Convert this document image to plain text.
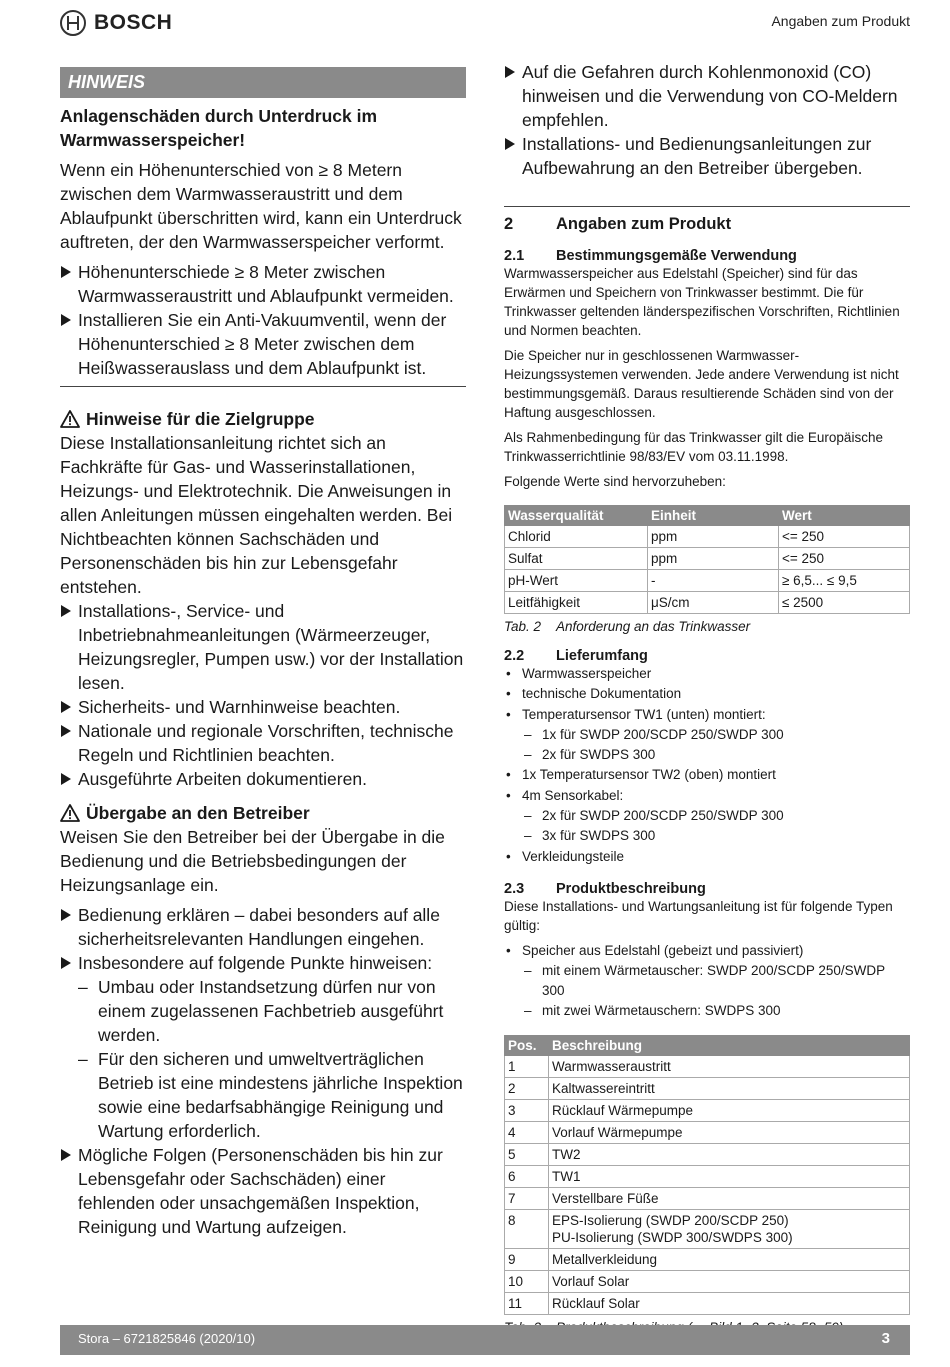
BOSCH	Angaben zum Produkt
HINWEIS
Anlagenschäden durch Unterdruck im Warmwasserspeicher!

Wenn ein Höhenunterschied von ≥ 8 Metern zwischen dem Warmwasseraustritt und dem Ablaufpunkt überschritten wird, kann ein Unterdruck auftreten, der den Warmwasserspeicher verformt.

Höhenunterschiede ≥ 8 Meter zwischen Warmwasseraustritt und Ablaufpunkt vermeiden.
Installieren Sie ein Anti-Vakuumventil, wenn der Höhenunterschied ≥ 8 Meter zwischen dem Heißwasserauslass und dem Ablaufpunkt ist.
Hinweise für die Zielgruppe

Diese Installationsanleitung richtet sich an Fachkräfte für Gas- und Wasserinstallationen, Heizungs- und Elektrotechnik. Die Anweisungen in allen Anleitungen müssen eingehalten werden. Bei Nichtbeachten können Sachschäden und Personenschäden bis hin zur Lebensgefahr entstehen.

Installations-, Service- und Inbetriebnahmeanleitungen (Wärmeerzeuger, Heizungsregler, Pumpen usw.) vor der Installation lesen.
Sicherheits- und Warnhinweise beachten.
Nationale und regionale Vorschriften, technische Regeln und Richtlinien beachten.
Ausgeführte Arbeiten dokumentieren.
Übergabe an den Betreiber

Weisen Sie den Betreiber bei der Übergabe in die Bedienung und die Betriebsbedingungen der Heizungsanlage ein.

Bedienung erklären – dabei besonders auf alle sicherheitsrelevanten Handlungen eingehen.
Insbesondere auf folgende Punkte hinweisen:
– Umbau oder Instandsetzung dürfen nur von einem zugelassenen Fachbetrieb ausgeführt werden.
– Für den sicheren und umweltverträglichen Betrieb ist eine mindestens jährliche Inspektion sowie eine bedarfsabhängige Reinigung und Wartung erforderlich.
Mögliche Folgen (Personenschäden bis hin zur Lebensgefahr oder Sachschäden) einer fehlenden oder unsachgemäßen Inspektion, Reinigung und Wartung aufzeigen.
Auf die Gefahren durch Kohlenmonoxid (CO) hinweisen und die Verwendung von CO-Meldern empfehlen.
Installations- und Bedienungsanleitungen zur Aufbewahrung an den Betreiber übergeben.
2	Angaben zum Produkt
2.1	Bestimmungsgemäße Verwendung

Warmwasserspeicher aus Edelstahl (Speicher) sind für das Erwärmen und Speichern von Trinkwasser bestimmt. Die für Trinkwasser geltenden länderspezifischen Vorschriften, Richtlinien und Normen beachten.

Die Speicher nur in geschlossenen Warmwasser-Heizungssystemen verwenden. Jede andere Verwendung ist nicht bestimmungsgemäß. Daraus resultierende Schäden sind von der Haftung ausgeschlossen.

Als Rahmenbedingung für das Trinkwasser gilt die Europäische Trinkwasserrichtlinie 98/83/EV vom 03.11.1998.

Folgende Werte sind hervorzuheben:

Wasserqualität	Einheit	Wert
Chlorid	ppm	<= 250
Sulfat	ppm	<= 250
pH-Wert	-	≥ 6,5... ≤ 9,5
Leitfähigkeit	μS/cm	≤ 2500
Tab. 2	Anforderung an das Trinkwasser
2.2	Lieferumfang
• Warmwasserspeicher
• technische Dokumentation
• Temperatursensor TW1 (unten) montiert:
– 1x für SWDP 200/SCDP 250/SWDP 300
– 2x für SWDPS 300
• 1x Temperatursensor TW2 (oben) montiert
• 4m Sensorkabel:
– 2x für SWDP 200/SCDP 250/SWDP 300
– 3x für SWDPS 300
• Verkleidungsteile
2.3	Produktbeschreibung

Diese Installations- und Wartungsanleitung ist für folgende Typen gültig:

• Speicher aus Edelstahl (gebeizt und passiviert)
– mit einem Wärmetauscher: SWDP 200/SCDP 250/SWDP 300
– mit zwei Wärmetauschern: SWDPS 300
Pos.	Beschreibung
1	Warmwasseraustritt
2	Kaltwassereintritt
3	Rücklauf Wärmepumpe
4	Vorlauf Wärmepumpe
5	TW2
6	TW1
7	Verstellbare Füße
8	EPS-Isolierung (SWDP 200/SCDP 250)
PU-Isolierung (SWDP 300/SWDPS 300)

9	Metallverkleidung
10	Vorlauf Solar
11	Rücklauf Solar
Stora – 6721825846 (2020/10)	3
